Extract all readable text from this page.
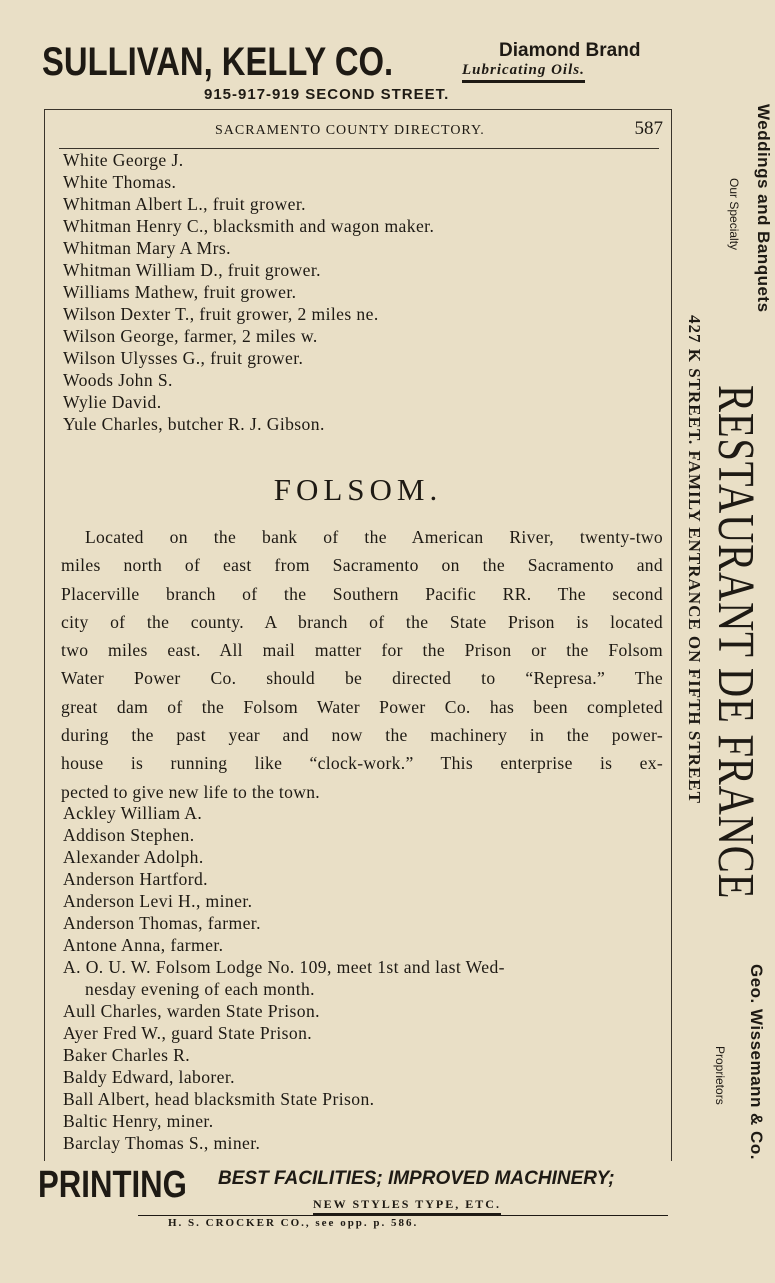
SULLIVAN, KELLY CO.	Diamond Brand
Lubricating Oils.
915-917-919 SECOND STREET.
SACRAMENTO COUNTY DIRECTORY.	587
White George J.
White Thomas.
Whitman Albert L., fruit grower.
Whitman Henry C., blacksmith and wagon maker.
Whitman Mary A Mrs.
Whitman William D., fruit grower.
Williams Mathew, fruit grower.
Wilson Dexter T., fruit grower, 2 miles ne.
Wilson George, farmer, 2 miles w.
Wilson Ulysses G., fruit grower.
Woods John S.
Wylie David.
Yule Charles, butcher R. J. Gibson.
FOLSOM.

Located on the bank of the American River, twenty-two
miles north of east from Sacramento on the Sacramento and
Placerville branch of the Southern Pacific RR. The second
city of the county. A branch of the State Prison is located
two miles east. All mail matter for the Prison or the Folsom
Water Power Co. should be directed to “Represa.” The
great dam of the Folsom Water Power Co. has been completed
during the past year and now the machinery in the power-
house is running like “clock-work.” This enterprise is ex-
pected to give new life to the town.

Ackley William A.
Addison Stephen.
Alexander Adolph.
Anderson Hartford.
Anderson Levi H., miner.
Anderson Thomas, farmer.
Antone Anna, farmer.
A. O. U. W. Folsom Lodge No. 109, meet 1st and last Wed-
nesday evening of each month.
Aull Charles, warden State Prison.
Ayer Fred W., guard State Prison.
Baker Charles R.
Baldy Edward, laborer.
Ball Albert, head blacksmith State Prison.
Baltic Henry, miner.
Barclay Thomas S., miner.
PRINTING BEST FACILITIES; IMPROVED MACHINERY;
NEW STYLES TYPE, ETC.
H. S. CROCKER CO., see opp. p. 586.
Weddings and Banquets
Our Specialty
RESTAURANT DE FRANCE
427 K STREET. FAMILY ENTRANCE ON FIFTH STREET
Geo. Wissemann & Co.
Proprietors
